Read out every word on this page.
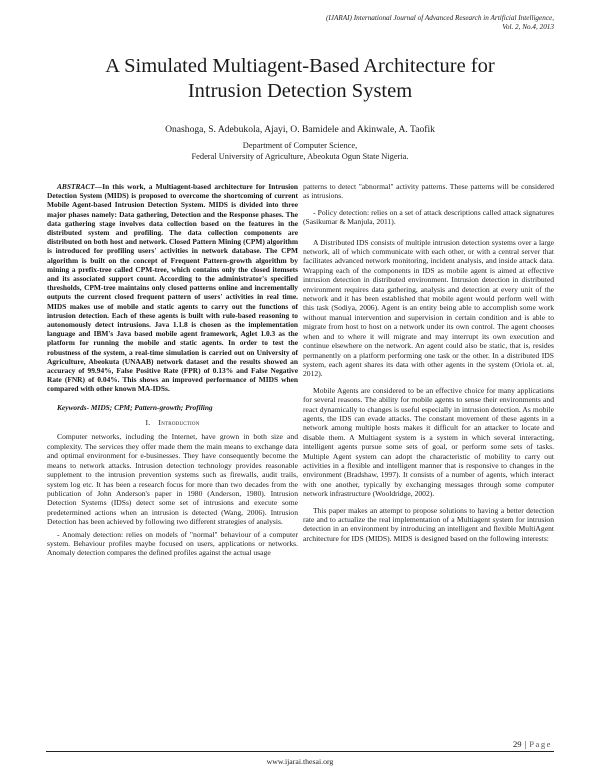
(IJARAI) International Journal of Advanced Research in Artificial Intelligence,
Vol. 2, No.4, 2013
A Simulated Multiagent-Based Architecture for
Intrusion Detection System
Onashoga, S. Adebukola, Ajayi, O. Bamidele and Akinwale, A. Taofik
Department of Computer Science,
Federal University of Agriculture, Abeokuta Ogun State Nigeria.
ABSTRACT—In this work, a Multiagent-based architecture for Intrusion Detection System (MIDS) is proposed to overcome the shortcoming of current Mobile Agent-based Intrusion Detection System. MIDS is divided into three major phases namely: Data gathering, Detection and the Response phases. The data gathering stage involves data collection based on the features in the distributed system and profiling. The data collection components are distributed on both host and network. Closed Pattern Mining (CPM) algorithm is introduced for profiling users' activities in network database. The CPM algorithm is built on the concept of Frequent Pattern-growth algorithm by mining a prefix-tree called CPM-tree, which contains only the closed itemsets and its associated support count. According to the administrator's specified thresholds, CPM-tree maintains only closed patterns online and incrementally outputs the current closed frequent pattern of users' activities in real time. MIDS makes use of mobile and static agents to carry out the functions of intrusion detection. Each of these agents is built with rule-based reasoning to autonomously detect intrusions. Java 1.1.8 is chosen as the implementation language and IBM's Java based mobile agent framework, Aglet 1.0.3 as the platform for running the mobile and static agents. In order to test the robustness of the system, a real-time simulation is carried out on University of Agriculture, Abeokuta (UNAAB) network dataset and the results showed an accuracy of 99.94%, False Positive Rate (FPR) of 0.13% and False Negative Rate (FNR) of 0.04%. This shows an improved performance of MIDS when compared with other known MA-IDSs.
Keywords- MIDS; CPM; Pattern-growth; Profiling
I. Introduction
Computer networks, including the Internet, have grown in both size and complexity. The services they offer made them the main means to exchange data and optimal environment for e-businesses. They have consequently become the means to network attacks. Intrusion detection technology provides reasonable supplement to the intrusion prevention systems such as firewalls, audit trails, system log etc. It has been a research focus for more than two decades from the publication of John Anderson's paper in 1980 (Anderson, 1980). Intrusion Detection Systems (IDSs) detect some set of intrusions and execute some predetermined actions when an intrusion is detected (Wang, 2006). Intrusion Detection has been achieved by following two different strategies of analysis.
- Anomaly detection: relies on models of "normal" behaviour of a computer system. Behaviour profiles maybe focused on users, applications or networks. Anomaly detection compares the defined profiles against the actual usage
patterns to detect "abnormal" activity patterns. These patterns will be considered as intrusions.
- Policy detection: relies on a set of attack descriptions called attack signatures (Sasikumar & Manjula, 2011).
A Distributed IDS consists of multiple intrusion detection systems over a large network, all of which communicate with each other, or with a central server that facilitates advanced network monitoring, incident analysis, and inside attack data. Wrapping each of the components in IDS as mobile agent is aimed at effective intrusion detection in distributed environment. Intrusion detection in distributed environment requires data gathering, analysis and detection at every unit of the network and it has been established that mobile agent would perform well with this task (Sodiya, 2006). Agent is an entity being able to accomplish some work without manual intervention and supervision in certain condition and is able to migrate from host to host on a network under its own control. The agent chooses when and to where it will migrate and may interrupt its own execution and continue elsewhere on the network. An agent could also be static, that is, resides permanently on a platform performing one task or the other. In a distributed IDS system, each agent shares its data with other agents in the system (Oriola et. al, 2012).
Mobile Agents are considered to be an effective choice for many applications for several reasons. The ability for mobile agents to sense their environments and react dynamically to changes is useful especially in intrusion detection. As mobile agents, the IDS can evade attacks. The constant movement of these agents in a network among multiple hosts makes it difficult for an attacker to locate and disable them. A Multiagent system is a system in which several interacting, intelligent agents pursue some sets of goal, or perform some sets of tasks. Multiple Agent system can adopt the characteristic of mobility to carry out activities in a flexible and intelligent manner that is responsive to changes in the environment (Bradshaw, 1997). It consists of a number of agents, which interact with one another, typically by exchanging messages through some computer network infrastructure (Wooldridge, 2002).
This paper makes an attempt to propose solutions to having a better detection rate and to actualize the real implementation of a Multiagent system for intrusion detection in an environment by introducing an intelligent and flexible MultiAgent architecture for IDS (MIDS). MIDS is designed based on the following interests:
29 | Page
www.ijarai.thesai.org
